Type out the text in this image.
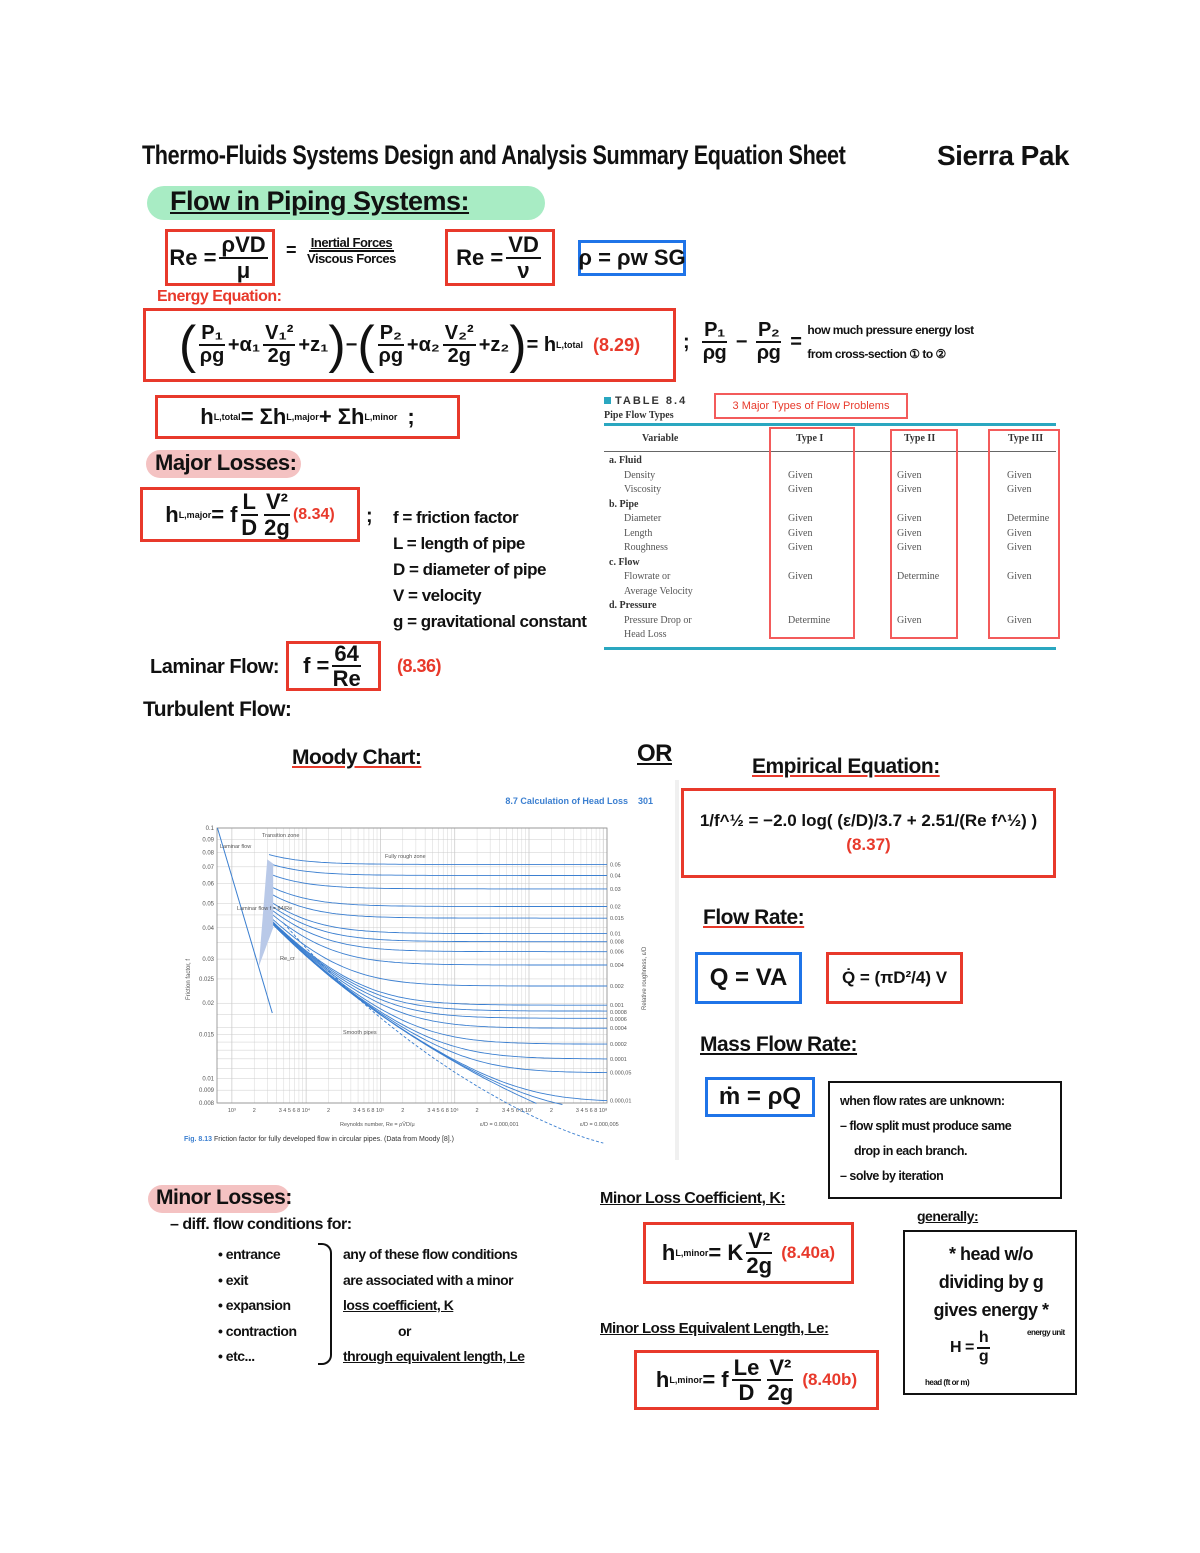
Thermo-Fluids Systems Design and Analysis Summary Equation Sheet	Sierra Pak
Flow in Piping Systems:
$Re = \frac{\text{ρVD}}{\mu} = \frac{\text{Inertial Forces}}{\text{Viscous Forces}}$	$Re = \frac{VD}{\nu}$ ρ = ρw SG
Energy Equation:
( $\frac{\text{P₁}}{\rho g} +\alpha_1 \frac{\text{V₁²}}{2g} +z_1$ ) − ( $\frac{\text{P₂}}{\rho g} +\alpha_2 \frac{\text{V₂²}}{2g} +z_2$ ) = h L,total (8.29) ; $\frac{\text{P₁}}{\rho g} - \frac{\text{P₂}}{\rho g}$ =
how much pressure energy lost
from cross-section ① to ②
h L,total = Σh L,major + Σh L,minor ;
Major Losses:
h L,major = f $\frac{L}{D} \frac{\text{V²}}{2g} (8.34)$ ; f = friction factor
L = length of pipe
D = diameter of pipe
V = velocity
g = gravitational constant
Laminar Flow: $f = \frac{64}{Re} (8.36)$
Turbulent Flow:
TABLE 8.4
Pipe Flow Types
3 Major Types of Flow Problems
Variable	Type I	Type II	Type III
a. Fluid
Density	Given	Given	Given
Viscosity	Given	Given	Given
b. Pipe
Diameter	Given	Given	Determine
Length	Given	Given	Given
Roughness	Given	Given	Given
c. Flow
Flowrate or	Given	Determine	Given
Average Velocity
d. Pressure
Pressure Drop or	Determine	Given	Given
Head Loss
Moody Chart:	OR
8.7 Calculation of Head Loss 301
0.1
0.09
0.08
0.07
0.06
0.05
0.04
0.03
0.025
0.02
0.015
0.01
0.009
0.008
10³	2	3 4 5 6 8 10⁴	2	3 4 5 6 8 10⁵	2	3 4 5 6 8 10⁶	2	3 4 5 6 8 10⁷	2	3 4 5 6 8 10⁸
0.05
0.04
0.03
0.02
0.015
0.01
0.008
0.006
0.004
0.002
0.001
0.0008
0.0006
0.0004
0.0002
0.0001
0.000,05
0.000,01
Laminar flow
Transition zone
Fully rough zone
Smooth pipes
Laminar flow f = 64/Re
Re_cr
Reynolds number, Re = ρV̄D/μ	ε/D = 0.000,001	ε/D = 0.000,005
Friction factor, f	Relative roughness, ε/D
Fig. 8.13 Friction factor for fully developed flow in circular pipes. (Data from Moody [8].)
Empirical Equation:
1/f^½ = −2.0 log( (ε/D)/3.7 + 2.51/(Re f^½) ) (8.37)
Flow Rate:
Q = VA	Q̇ = (πD²/4) V
Mass Flow Rate:
ṁ = ρQ	when flow rates are unknown:
– flow split must produce same
drop in each branch.
– solve by iteration
Minor Losses:
– diff. flow conditions for:
• entrance
• exit
• expansion
• contraction
• etc...
any of these flow conditions
are associated with a minor
loss coefficient, K
or
through equivalent length, Le
Minor Loss Coefficient, K:
h L,minor = K $\frac{\text{V²}}{2g} (8.40a)$
Minor Loss Equivalent Length, Le:
h L,minor = f $\frac{Le}{D} \frac{\text{V²}}{2g} (8.40b)$
generally:
* head w/o
dividing by g
gives energy *
$H = \frac{h}{g}$	energy unit
head (ft or m)
